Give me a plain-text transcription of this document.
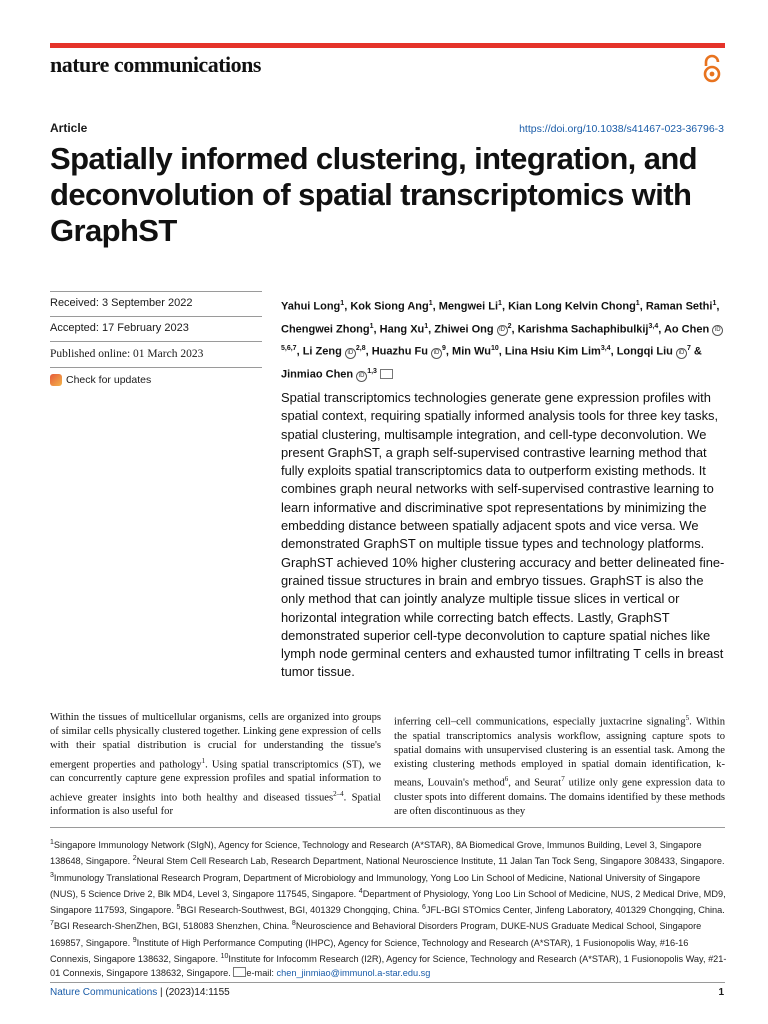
nature communications
Article	https://doi.org/10.1038/s41467-023-36796-3
Spatially informed clustering, integration, and deconvolution of spatial transcriptomics with GraphST
Received: 3 September 2022
Accepted: 17 February 2023
Published online: 01 March 2023
Check for updates
Yahui Long$^1$, Kok Siong Ang$^1$, Mengwei Li$^1$, Kian Long Kelvin Chong$^1$, Raman Sethi$^1$, Chengwei Zhong$^1$, Hang Xu$^1$, Zhiwei Ong $iD^2$, Karishma Sachaphibulkij$^{3,4}$, Ao Chen iD$^{5,6,7}$, Li Zeng iD$^{2,8}$, Huazhu Fu $iD^9$, Min Wu$^{10}$, Lina Hsiu Kim Lim$^{3,4}$, Longqi Liu $iD^7$ & Jinmiao Chen iD$^{1,3}$

Spatial transcriptomics technologies generate gene expression profiles with spatial context, requiring spatially informed analysis tools for three key tasks, spatial clustering, multisample integration, and cell-type deconvolution. We present GraphST, a graph self-supervised contrastive learning method that fully exploits spatial transcriptomics data to outperform existing methods. It combines graph neural networks with self-supervised contrastive learning to learn informative and discriminative spot representations by minimizing the embedding distance between spatially adjacent spots and vice versa. We demonstrated GraphST on multiple tissue types and technology platforms. GraphST achieved 10% higher clustering accuracy and better delineated fine-grained tissue structures in brain and embryo tissues. GraphST is also the only method that can jointly analyze multiple tissue slices in vertical or horizontal integration while correcting batch effects. Lastly, GraphST demonstrated superior cell-type deconvolution to capture spatial niches like lymph node germinal centers and exhausted tumor infiltrating T cells in breast tumor tissue.

Within the tissues of multicellular organisms, cells are organized into groups of similar cells physically clustered together. Linking gene expression of cells with their spatial distribution is crucial for understanding the tissue's emergent properties and pathology$^1$. Using spatial transcriptomics (ST), we can concurrently capture gene expression profiles and spatial information to achieve greater insights into both healthy and diseased tissues$^{2-4}$. Spatial information is also useful for

inferring cell–cell communications, especially juxtacrine signaling$^5$. Within the spatial transcriptomics analysis workflow, assigning capture spots to spatial domains with unsupervised clustering is an essential task. Among the existing clustering methods employed in spatial domain identification, k-means, Louvain's method$^6$, and Seurat$^7$ utilize only gene expression data to cluster spots into different domains. The domains identified by these methods are often discontinuous as they

$^1$Singapore Immunology Network (SIgN), Agency for Science, Technology and Research (A*STAR), 8A Biomedical Grove, Immunos Building, Level 3, Singapore 138648, Singapore. $^2$Neural Stem Cell Research Lab, Research Department, National Neuroscience Institute, 11 Jalan Tan Tock Seng, Singapore 308433, Singapore. $^3$Immunology Translational Research Program, Department of Microbiology and Immunology, Yong Loo Lin School of Medicine, National University of Singapore (NUS), 5 Science Drive 2, Blk MD4, Level 3, Singapore 117545, Singapore. $^4$Department of Physiology, Yong Loo Lin School of Medicine, NUS, 2 Medical Drive, MD9, Singapore 117593, Singapore. $^5$BGI Research-Southwest, BGI, 401329 Chongqing, China. $^6$JFL-BGI STOmics Center, Jinfeng Laboratory, 401329 Chongqing, China. $^7$BGI Research-ShenZhen, BGI, 518083 Shenzhen, China. $^8$Neuroscience and Behavioral Disorders Program, DUKE-NUS Graduate Medical School, Singapore 169857, Singapore. $^9$Institute of High Performance Computing (IHPC), Agency for Science, Technology and Research (A*STAR), 1 Fusionopolis Way, #16-16 Connexis, Singapore 138632, Singapore. $^{10}$Institute for Infocomm Research (I2R), Agency for Science, Technology and Research (A*STAR), 1 Fusionopolis Way, #21-01 Connexis, Singapore 138632, Singapore. e-mail: chen_jinmiao@immunol.a-star.edu.sg

Nature Communications | (2023)14:1155	1
